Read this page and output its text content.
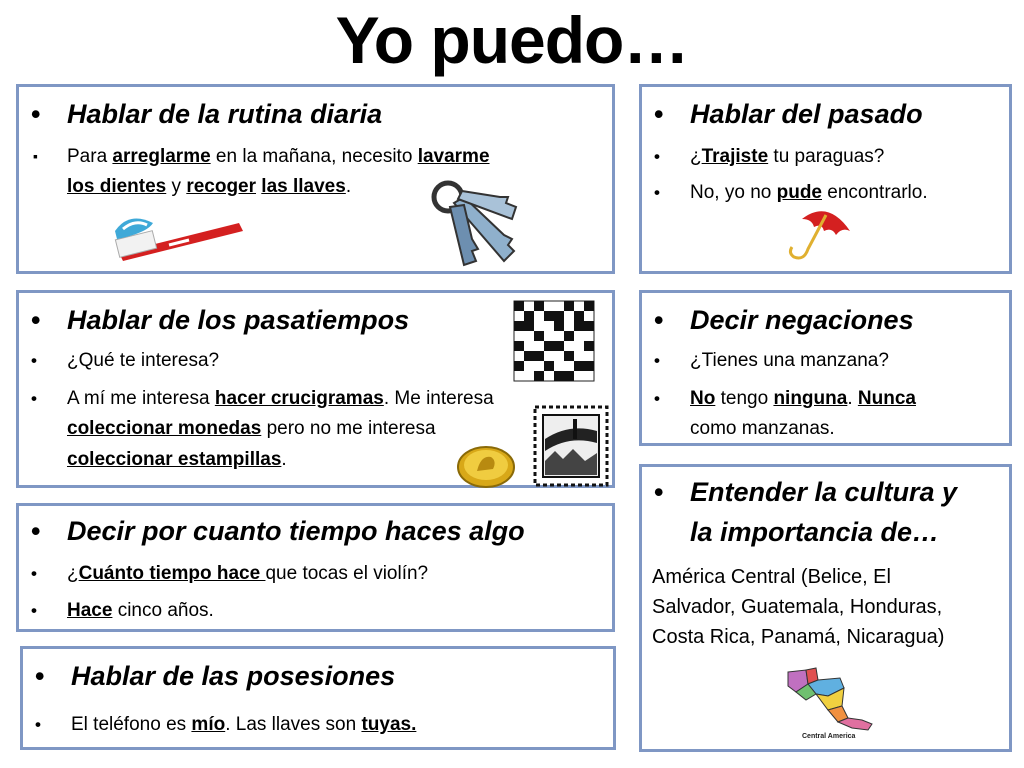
Yo puedo…
• Hablar de la rutina diaria
▪ Para arreglarme en la mañana, necesito lavarme
los dientes y recoger las llaves.
• Hablar del pasado
• ¿Trajiste tu paraguas?
• No, yo no pude encontrarlo.
• Hablar de los pasatiempos
• ¿Qué te interesa?
• A mí me interesa hacer crucigramas. Me interesa
coleccionar monedas pero no me interesa
coleccionar estampillas.
• Decir negaciones
• ¿Tienes una manzana?
• No tengo ninguna. Nunca
como manzanas.
• Decir por cuanto tiempo haces algo
• ¿Cuánto tiempo hace que tocas el violín?
• Hace cinco años.
• Entender la cultura y
la importancia de…
América Central (Belice, El
Salvador, Guatemala, Honduras,
Costa Rica, Panamá, Nicaragua)
Central America
• Hablar de las posesiones
• El teléfono es mío. Las llaves son tuyas.
